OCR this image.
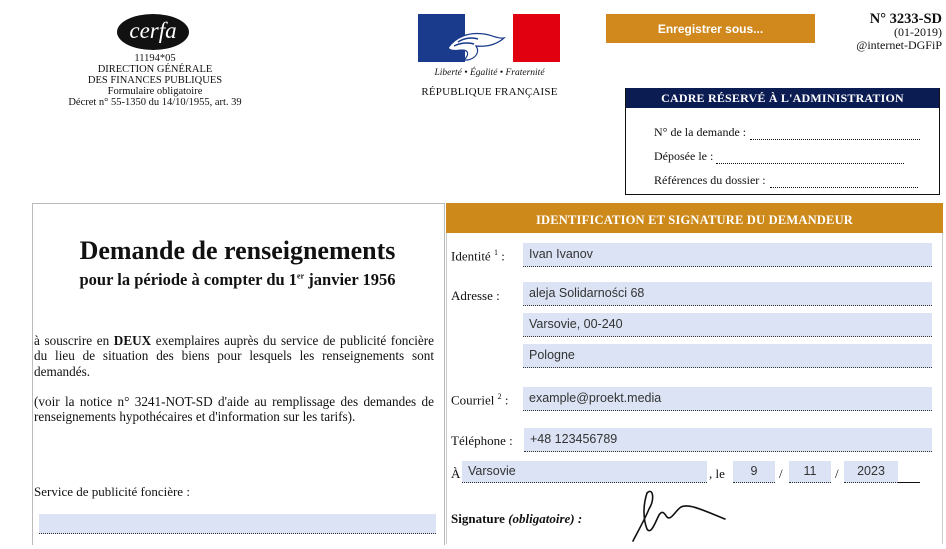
cerfa
11194*05
DIRECTION GÉNÉRALE
DES FINANCES PUBLIQUES
Formulaire obligatoire
Décret n° 55-1350 du 14/10/1955, art. 39
Liberté • Égalité • Fraternité
RÉPUBLIQUE FRANÇAISE
Enregistrer sous...
N° 3233-SD
(01-2019)
@internet-DGFiP
CADRE RÉSERVÉ À L'ADMINISTRATION
N° de la demande :
Déposée le :
Références du dossier :
Demande de renseignements
pour la période à compter du 1er janvier 1956
à souscrire en DEUX exemplaires auprès du service de publicité foncière du lieu de situation des biens pour lesquels les renseignements sont demandés.
(voir la notice n° 3241-NOT-SD d'aide au remplissage des demandes de renseignements hypothécaires et d'information sur les tarifs).
Service de publicité foncière :
IDENTIFICATION ET SIGNATURE DU DEMANDEUR
Identité $^1$ :	Ivan Ivanov
Adresse :	aleja Solidarności 68
Varsovie, 00-240
Pologne
Courriel $^2$ :	example@proekt.media
Téléphone :	+48 123456789
À Varsovie	, le	9	/	11	/	2023
Signature (obligatoire) :
